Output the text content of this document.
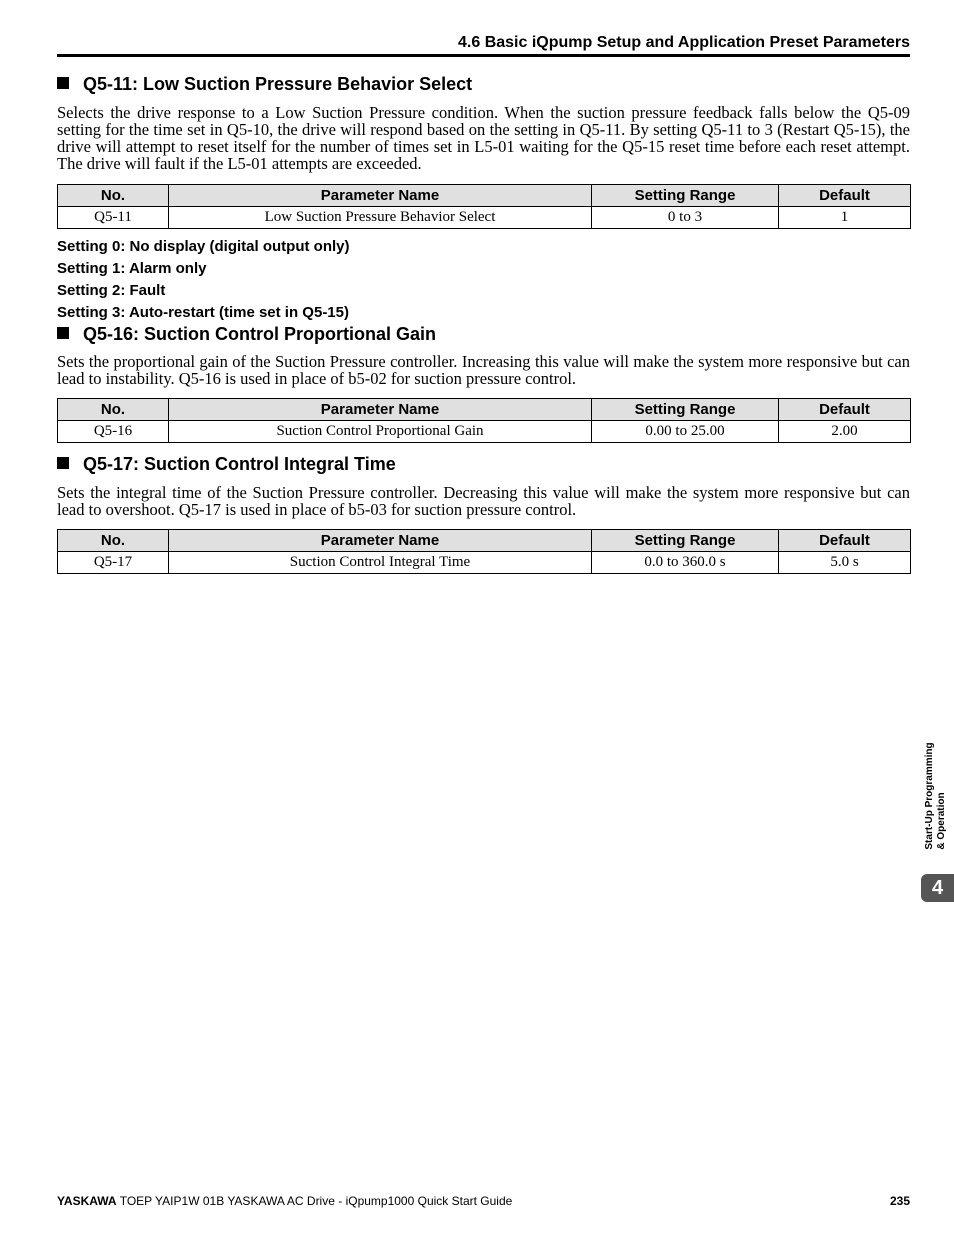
4.6 Basic iQpump Setup and Application Preset Parameters
Q5-11: Low Suction Pressure Behavior Select
Selects the drive response to a Low Suction Pressure condition. When the suction pressure feedback falls below the Q5-09 setting for the time set in Q5-10, the drive will respond based on the setting in Q5-11. By setting Q5-11 to 3 (Restart Q5-15), the drive will attempt to reset itself for the number of times set in L5-01 waiting for the Q5-15 reset time before each reset attempt. The drive will fault if the L5-01 attempts are exceeded.
No.	Parameter Name	Setting Range	Default
Q5-11	Low Suction Pressure Behavior Select	0 to 3	1
Setting 0: No display (digital output only)
Setting 1: Alarm only
Setting 2: Fault
Setting 3: Auto-restart (time set in Q5-15)
Q5-16: Suction Control Proportional Gain
Sets the proportional gain of the Suction Pressure controller. Increasing this value will make the system more responsive but can lead to instability. Q5-16 is used in place of b5-02 for suction pressure control.
No.	Parameter Name	Setting Range	Default
Q5-16	Suction Control Proportional Gain	0.00 to 25.00	2.00
Q5-17: Suction Control Integral Time
Sets the integral time of the Suction Pressure controller. Decreasing this value will make the system more responsive but can lead to overshoot. Q5-17 is used in place of b5-03 for suction pressure control.
No.	Parameter Name	Setting Range	Default
Q5-17	Suction Control Integral Time	0.0 to 360.0 s	5.0 s
Start-Up Programming & Operation
4
YASKAWA TOEP YAIP1W 01B YASKAWA AC Drive - iQpump1000 Quick Start Guide	235
